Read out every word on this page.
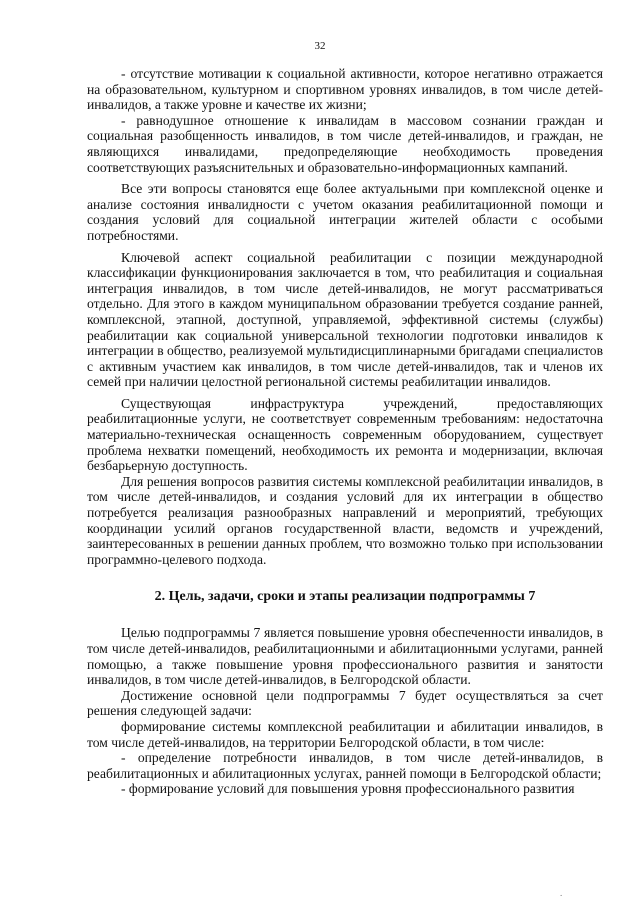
32

- отсутствие мотивации к социальной активности, которое негативно отражается на образовательном, культурном и спортивном уровнях инвалидов, в том числе детей-инвалидов, а также уровне и качестве их жизни;

- равнодушное отношение к инвалидам в массовом сознании граждан и социальная разобщенность инвалидов, в том числе детей-инвалидов, и граждан, не являющихся инвалидами, предопределяющие необходимость проведения соответствующих разъяснительных и образовательно-информационных кампаний.

Все эти вопросы становятся еще более актуальными при комплексной оценке и анализе состояния инвалидности с учетом оказания реабилитационной помощи и создания условий для социальной интеграции жителей области с особыми потребностями.

Ключевой аспект социальной реабилитации с позиции международной классификации функционирования заключается в том, что реабилитация и социальная интеграция инвалидов, в том числе детей-инвалидов, не могут рассматриваться отдельно. Для этого в каждом муниципальном образовании требуется создание ранней, комплексной, этапной, доступной, управляемой, эффективной системы (службы) реабилитации как социальной универсальной технологии подготовки инвалидов к интеграции в общество, реализуемой мультидисциплинарными бригадами специалистов с активным участием как инвалидов, в том числе детей-инвалидов, так и членов их семей при наличии целостной региональной системы реабилитации инвалидов.

Существующая инфраструктура учреждений, предоставляющих реабилитационные услуги, не соответствует современным требованиям: недостаточна материально-техническая оснащенность современным оборудованием, существует проблема нехватки помещений, необходимость их ремонта и модернизации, включая безбарьерную доступность.

Для решения вопросов развития системы комплексной реабилитации инвалидов, в том числе детей-инвалидов, и создания условий для их интеграции в общество потребуется реализация разнообразных направлений и мероприятий, требующих координации усилий органов государственной власти, ведомств и учреждений, заинтересованных в решении данных проблем, что возможно только при использовании программно-целевого подхода.

2. Цель, задачи, сроки и этапы реализации подпрограммы 7

Целью подпрограммы 7 является повышение уровня обеспеченности инвалидов, в том числе детей-инвалидов, реабилитационными и абилитационными услугами, ранней помощью, а также повышение уровня профессионального развития и занятости инвалидов, в том числе детей-инвалидов, в Белгородской области.

Достижение основной цели подпрограммы 7 будет осуществляться за счет решения следующей задачи:

формирование системы комплексной реабилитации и абилитации инвалидов, в том числе детей-инвалидов, на территории Белгородской области, в том числе:

- определение потребности инвалидов, в том числе детей-инвалидов, в реабилитационных и абилитационных услугах, ранней помощи в Белгородской области;

- формирование условий для повышения уровня профессионального развития

.
